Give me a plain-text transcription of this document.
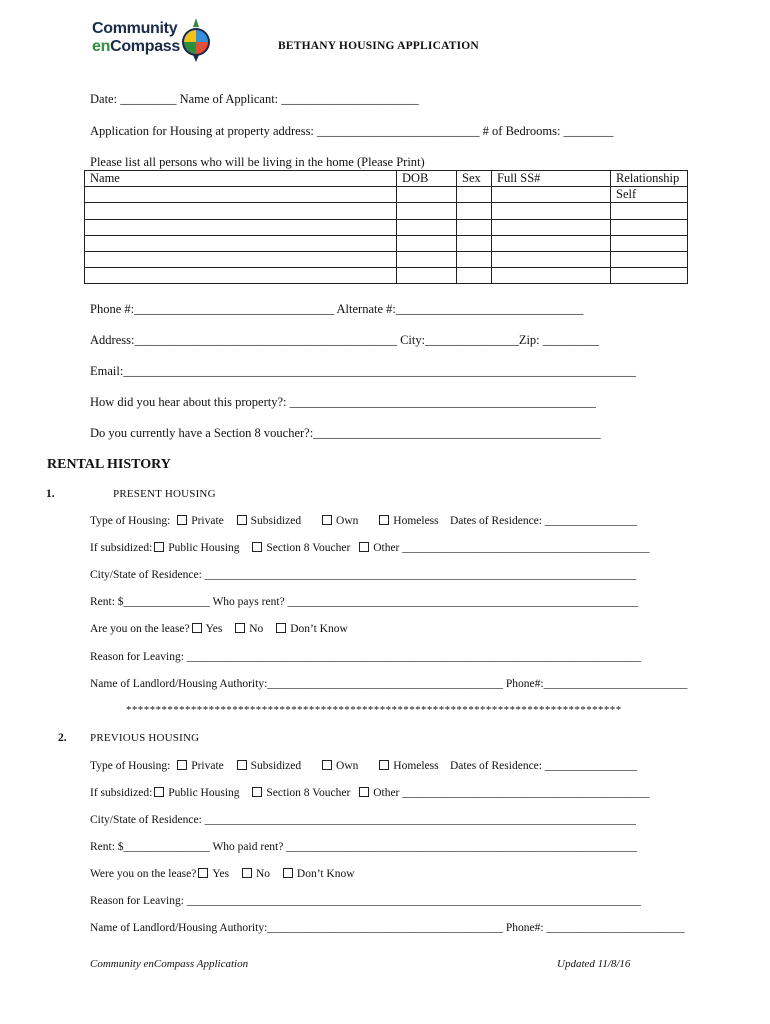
Community
enCompass	BETHANY HOUSING APPLICATION
Date: _________ Name of Applicant: ______________________
Application for Housing at property address: __________________________ # of Bedrooms: ________
Please list all persons who will be living in the home (Please Print)
Name	DOB	Sex	Full SS#	Relationship
				Self

Phone #:________________________________ Alternate #:______________________________
Address:__________________________________________ City:_______________Zip: _________
Email:__________________________________________________________________________________
How did you hear about this property?: _________________________________________________
Do you currently have a Section 8 voucher?:______________________________________________
RENTAL HISTORY
1.	PRESENT HOUSING
Type of Housing: Private Subsidized	Own	Homeless Dates of Residence: ________________
If subsidized: Public Housing Section 8 Voucher Other ___________________________________________
City/State of Residence: ___________________________________________________________________________
Rent: $_______________ Who pays rent? _____________________________________________________________
Are you on the lease? Yes No Don’t Know
Reason for Leaving: _______________________________________________________________________________
Name of Landlord/Housing Authority:_________________________________________ Phone#:_________________________
************************************************************************************
2. PREVIOUS HOUSING
Type of Housing: Private Subsidized	Own	Homeless Dates of Residence: ________________
If subsidized: Public Housing Section 8 Voucher Other ___________________________________________
City/State of Residence: ___________________________________________________________________________
Rent: $_______________ Who paid rent? _____________________________________________________________
Were you on the lease? Yes No Don’t Know
Reason for Leaving: _______________________________________________________________________________
Name of Landlord/Housing Authority:_________________________________________ Phone#: ________________________
Community enCompass Application	Updated 11/8/16
